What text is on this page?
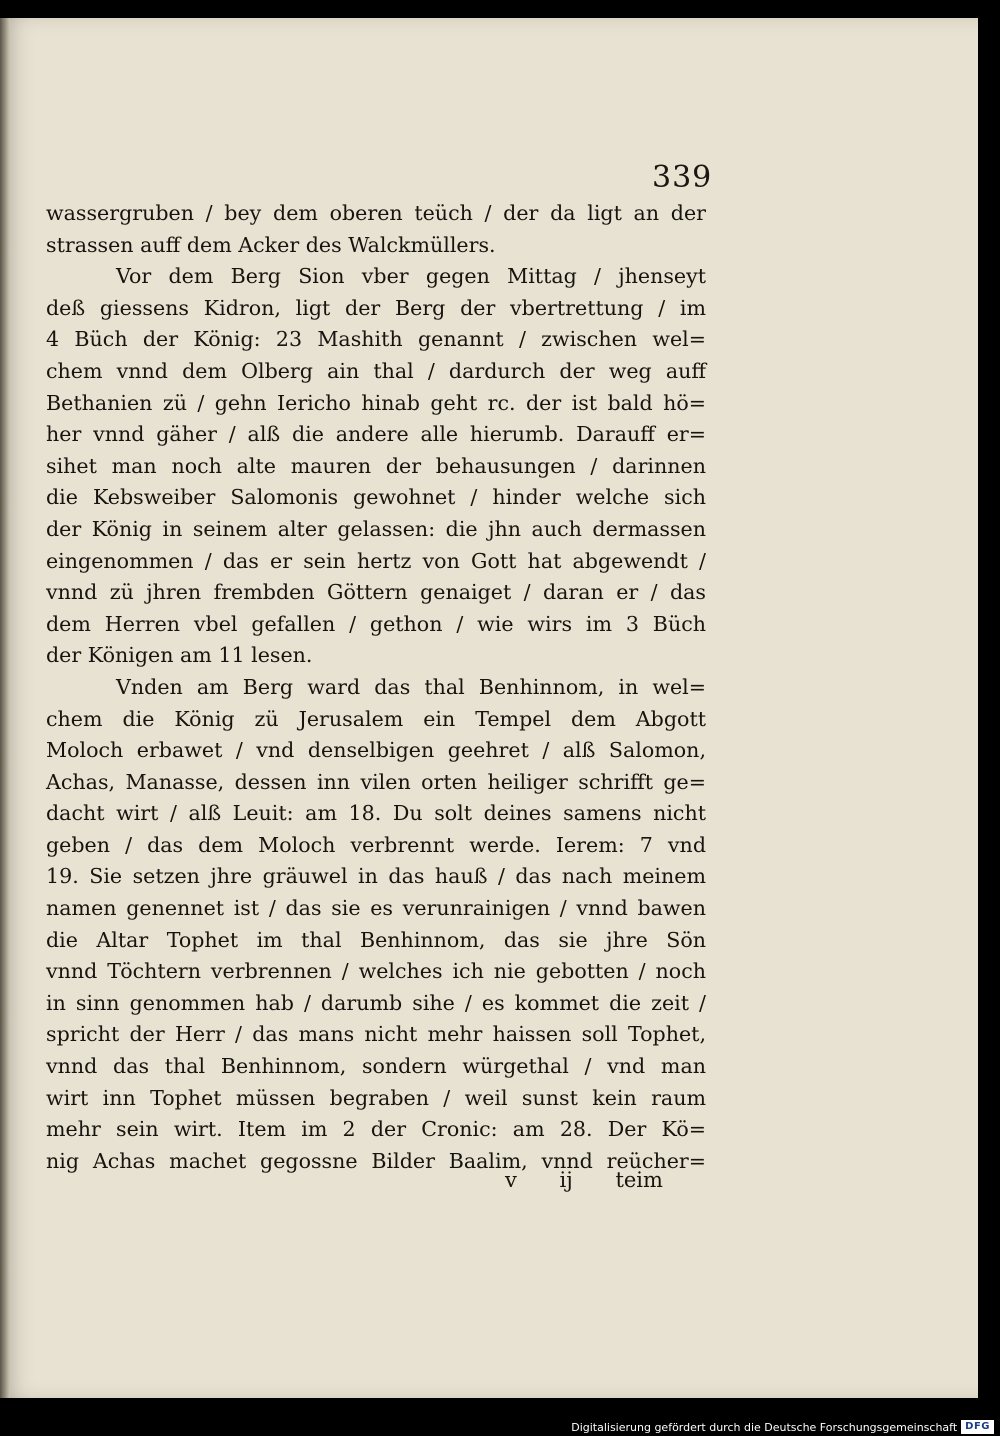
339
wassergruben / bey dem oberen teüch / der da ligt an der
strassen auff dem Acker des Walckmüllers.
Vor dem Berg Sion vber gegen Mittag / jhenseyt
deß giessens Kidron, ligt der Berg der vbertrettung / im
4 Büch der König: 23 Mashith genannt / zwischen wel=
chem vnnd dem Olberg ain thal / dardurch der weg auff
Bethanien zü / gehn Iericho hinab geht rc. der ist bald hö=
her vnnd gäher / alß die andere alle hierumb. Darauff er=
sihet man noch alte mauren der behausungen / darinnen
die Kebsweiber Salomonis gewohnet / hinder welche sich
der König in seinem alter gelassen: die jhn auch dermassen
eingenommen / das er sein hertz von Gott hat abgewendt /
vnnd zü jhren frembden Göttern genaiget / daran er / das
dem Herren vbel gefallen / gethon / wie wirs im 3 Büch
der Königen am 11 lesen.
Vnden am Berg ward das thal Benhinnom, in wel=
chem die König zü Jerusalem ein Tempel dem Abgott
Moloch erbawet / vnd denselbigen geehret / alß Salomon,
Achas, Manasse, dessen inn vilen orten heiliger schrifft ge=
dacht wirt / alß Leuit: am 18. Du solt deines samens nicht
geben / das dem Moloch verbrennt werde. Ierem: 7 vnd
19. Sie setzen jhre gräuwel in das hauß / das nach meinem
namen genennet ist / das sie es verunrainigen / vnnd bawen
die Altar Tophet im thal Benhinnom, das sie jhre Sön
vnnd Töchtern verbrennen / welches ich nie gebotten / noch
in sinn genommen hab / darumb sihe / es kommet die zeit /
spricht der Herr / das mans nicht mehr haissen soll Tophet,
vnnd das thal Benhinnom, sondern würgethal / vnd man
wirt inn Tophet müssen begraben / weil sunst kein raum
mehr sein wirt. Item im 2 der Cronic: am 28. Der Kö=
nig Achas machet gegossne Bilder Baalim, vnnd reücher=
v ij teim
Digitalisierung gefördert durch die Deutsche Forschungsgemeinschaft DFG
